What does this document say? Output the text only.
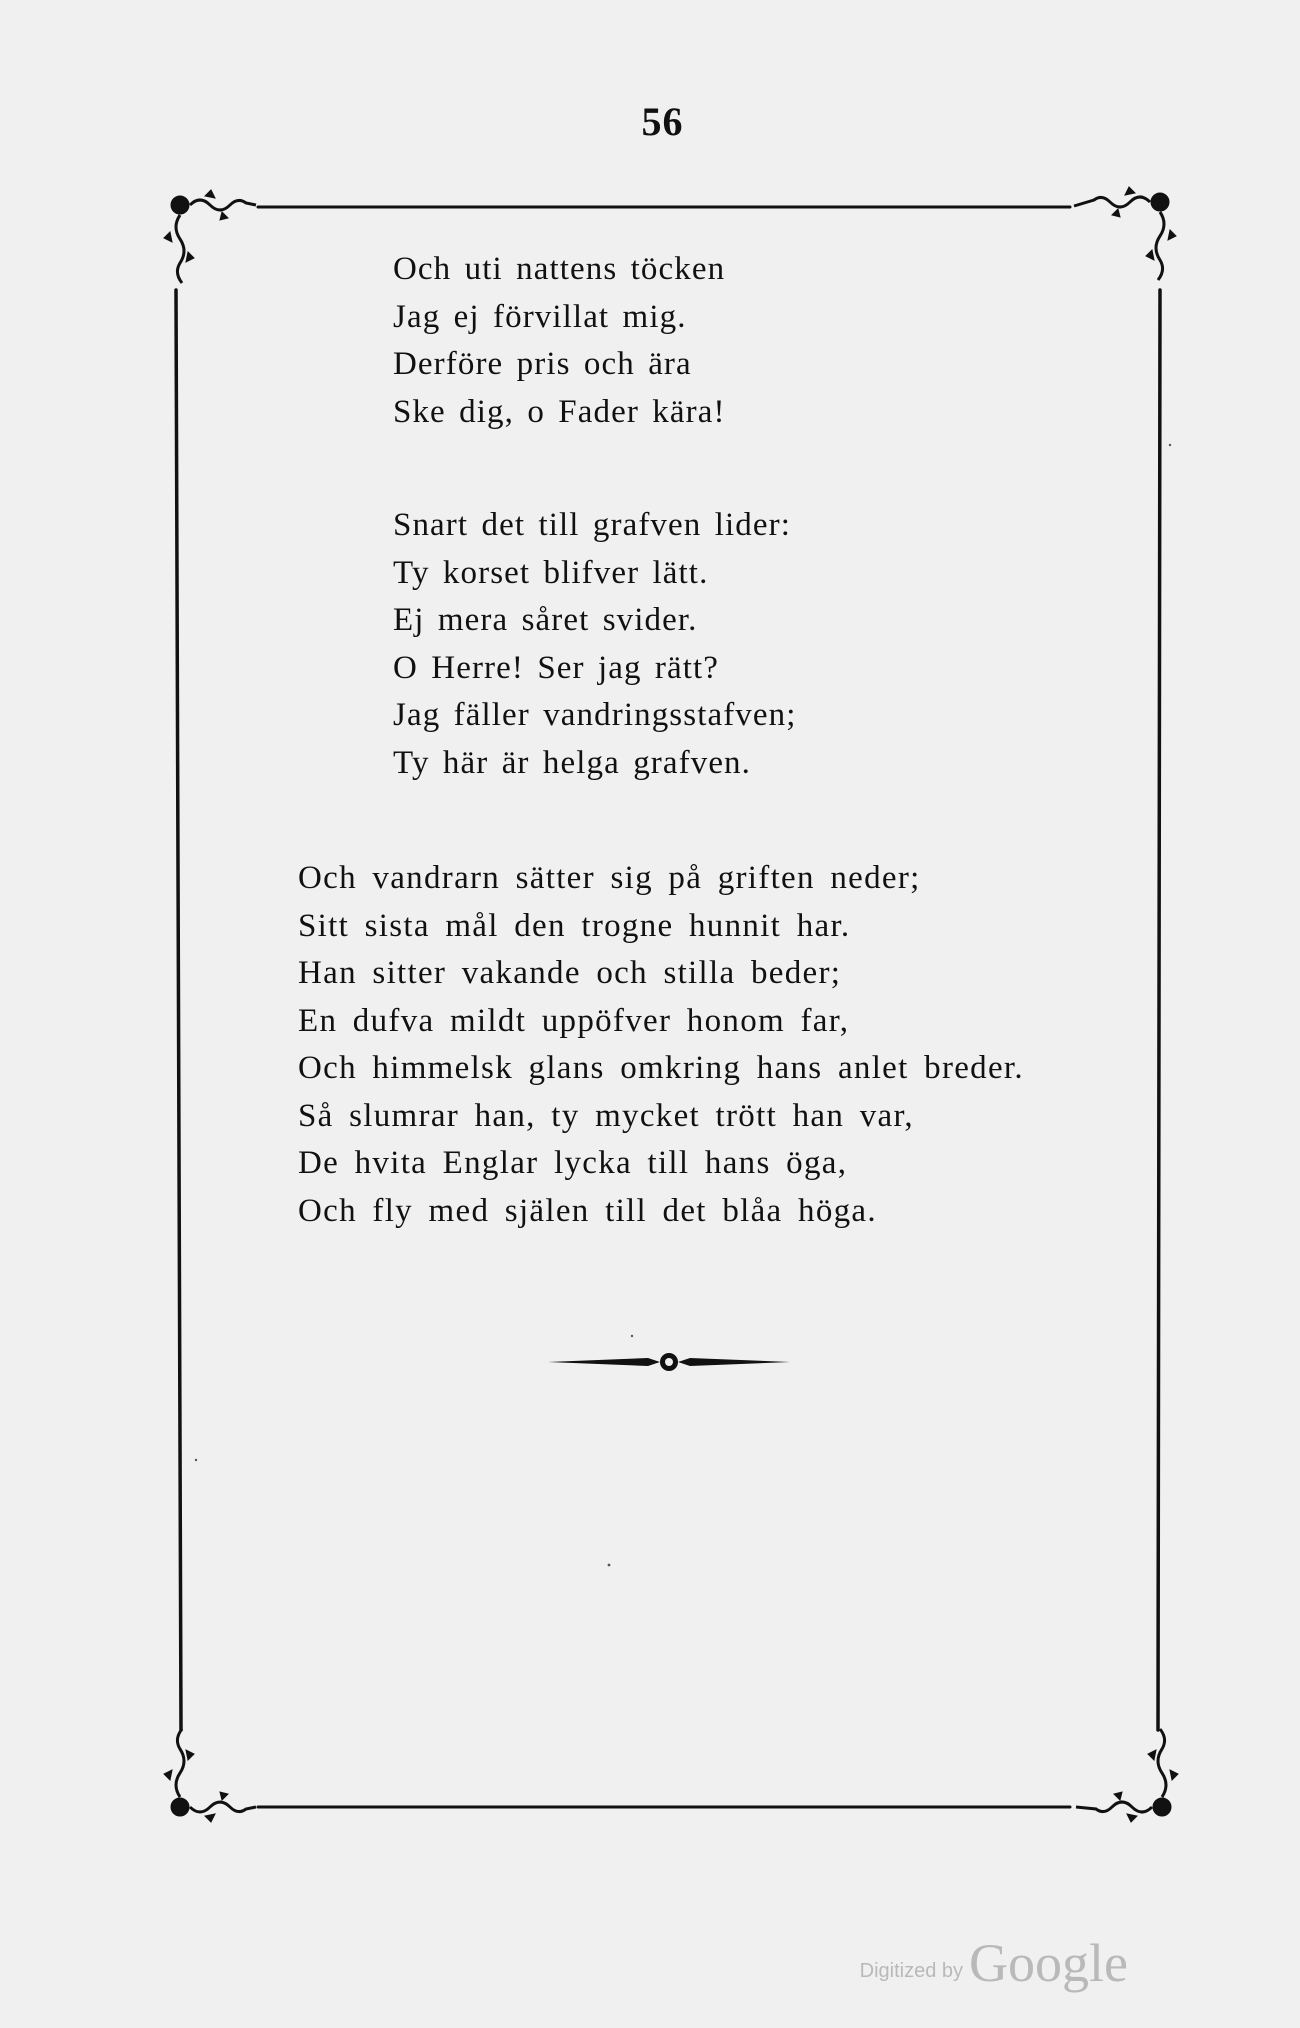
56
Och uti nattens töcken
Jag ej förvillat mig.
Derföre pris och ära
Ske dig, o Fader kära!
Snart det till grafven lider:
Ty korset blifver lätt.
Ej mera såret svider.
O Herre! Ser jag rätt?
Jag fäller vandringsstafven;
Ty här är helga grafven.
Och vandrarn sätter sig på griften neder;
Sitt sista mål den trogne hunnit har.
Han sitter vakande och stilla beder;
En dufva mildt uppöfver honom far,
Och himmelsk glans omkring hans anlet breder.
Så slumrar han, ty mycket trött han var,
De hvita Englar lycka till hans öga,
Och fly med själen till det blåa höga.
Digitized by Google
